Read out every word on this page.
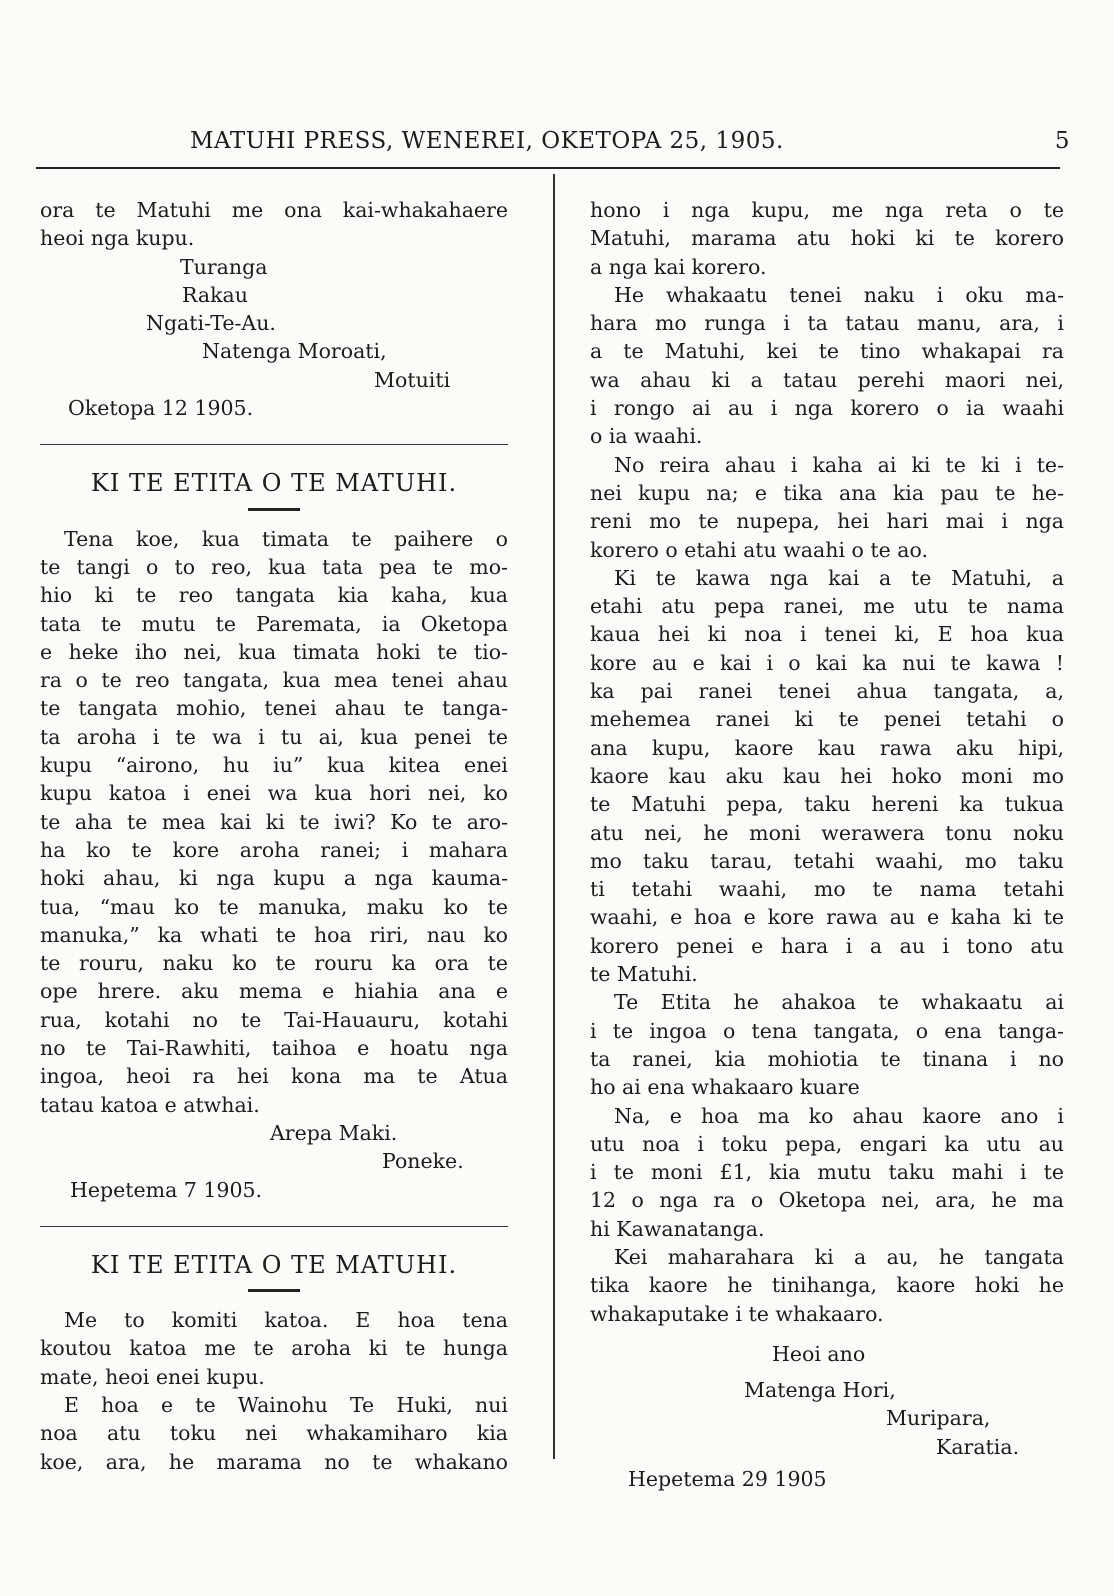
MATUHI PRESS, WENEREI, OKETOPA 25, 1905.	5
ora te Matuhi me ona kai-whakahaere
heoi nga kupu.
Turanga
Rakau
Ngati-Te-Au.
Natenga Moroati,
Motuiti
Oketopa 12 1905.
KI TE ETITA O TE MATUHI.
Tena koe, kua timata te paihere o
te tangi o to reo, kua tata pea te mo-
hio ki te reo tangata kia kaha, kua
tata te mutu te Paremata, ia Oketopa
e heke iho nei, kua timata hoki te tio-
ra o te reo tangata, kua mea tenei ahau
te tangata mohio, tenei ahau te tanga-
ta aroha i te wa i tu ai, kua penei te
kupu “airono, hu iu” kua kitea enei
kupu katoa i enei wa kua hori nei, ko
te aha te mea kai ki te iwi? Ko te aro-
ha ko te kore aroha ranei; i mahara
hoki ahau, ki nga kupu a nga kauma-
tua, “mau ko te manuka, maku ko te
manuka,” ka whati te hoa riri, nau ko
te rouru, naku ko te rouru ka ora te
ope hrere. aku mema e hiahia ana e
rua, kotahi no te Tai-Hauauru, kotahi
no te Tai-Rawhiti, taihoa e hoatu nga
ingoa, heoi ra hei kona ma te Atua
tatau katoa e atwhai.
Arepa Maki.
Poneke.
Hepetema 7 1905.
KI TE ETITA O TE MATUHI.
Me to komiti katoa. E hoa tena
koutou katoa me te aroha ki te hunga
mate, heoi enei kupu.
E hoa e te Wainohu Te Huki, nui
noa atu toku nei whakamiharo kia
koe, ara, he marama no te whakano
hono i nga kupu, me nga reta o te
Matuhi, marama atu hoki ki te korero
a nga kai korero.
He whakaatu tenei naku i oku ma-
hara mo runga i ta tatau manu, ara, i
a te Matuhi, kei te tino whakapai ra
wa ahau ki a tatau perehi maori nei,
i rongo ai au i nga korero o ia waahi
o ia waahi.
No reira ahau i kaha ai ki te ki i te-
nei kupu na; e tika ana kia pau te he-
reni mo te nupepa, hei hari mai i nga
korero o etahi atu waahi o te ao.
Ki te kawa nga kai a te Matuhi, a
etahi atu pepa ranei, me utu te nama
kaua hei ki noa i tenei ki, E hoa kua
kore au e kai i o kai ka nui te kawa !
ka pai ranei tenei ahua tangata, a,
mehemea ranei ki te penei tetahi o
ana kupu, kaore kau rawa aku hipi,
kaore kau aku kau hei hoko moni mo
te Matuhi pepa, taku hereni ka tukua
atu nei, he moni werawera tonu noku
mo taku tarau, tetahi waahi, mo taku
ti tetahi waahi, mo te nama tetahi
waahi, e hoa e kore rawa au e kaha ki te
korero penei e hara i a au i tono atu
te Matuhi.
Te Etita he ahakoa te whakaatu ai
i te ingoa o tena tangata, o ena tanga-
ta ranei, kia mohiotia te tinana i no
ho ai ena whakaaro kuare
Na, e hoa ma ko ahau kaore ano i
utu noa i toku pepa, engari ka utu au
i te moni £1, kia mutu taku mahi i te
12 o nga ra o Oketopa nei, ara, he ma
hi Kawanatanga.
Kei maharahara ki a au, he tangata
tika kaore he tinihanga, kaore hoki he
whakaputake i te whakaaro.
Heoi ano
Matenga Hori,
Muripara,
Karatia.
Hepetema 29 1905
